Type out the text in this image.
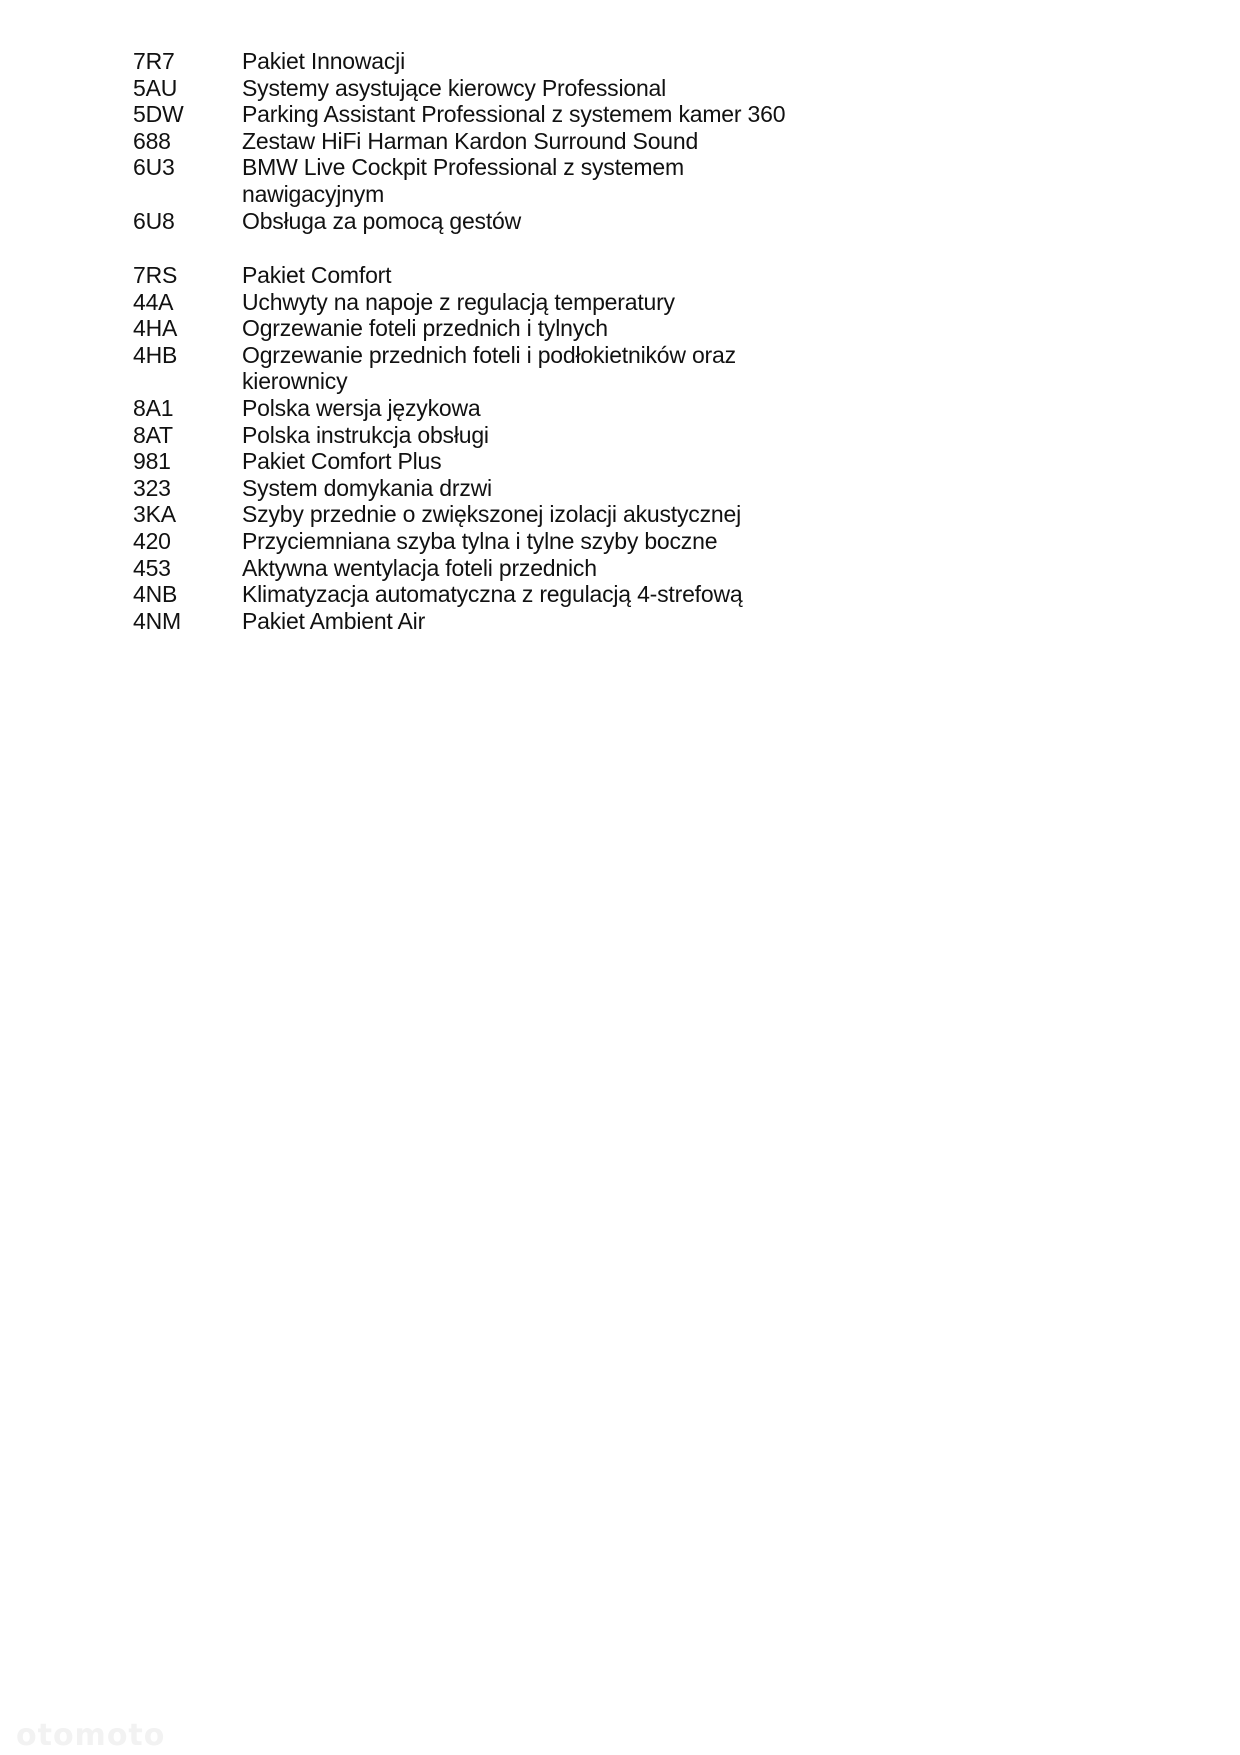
7R7	Pakiet Innowacji
5AU	Systemy asystujące kierowcy Professional
5DW	Parking Assistant Professional z systemem kamer 360
688	Zestaw HiFi Harman Kardon Surround Sound
6U3	BMW Live Cockpit Professional z systemem nawigacyjnym
6U8	Obsługa za pomocą gestów
7RS	Pakiet Comfort
44A	Uchwyty na napoje z regulacją temperatury
4HA	Ogrzewanie foteli przednich i tylnych
4HB	Ogrzewanie przednich foteli i podłokietników oraz kierownicy
8A1	Polska wersja językowa
8AT	Polska instrukcja obsługi
981	Pakiet Comfort Plus
323	System domykania drzwi
3KA	Szyby przednie o zwiększonej izolacji akustycznej
420	Przyciemniana szyba tylna i tylne szyby boczne
453	Aktywna wentylacja foteli przednich
4NB	Klimatyzacja automatyczna z regulacją 4-strefową
4NM	Pakiet Ambient Air
otomoto
